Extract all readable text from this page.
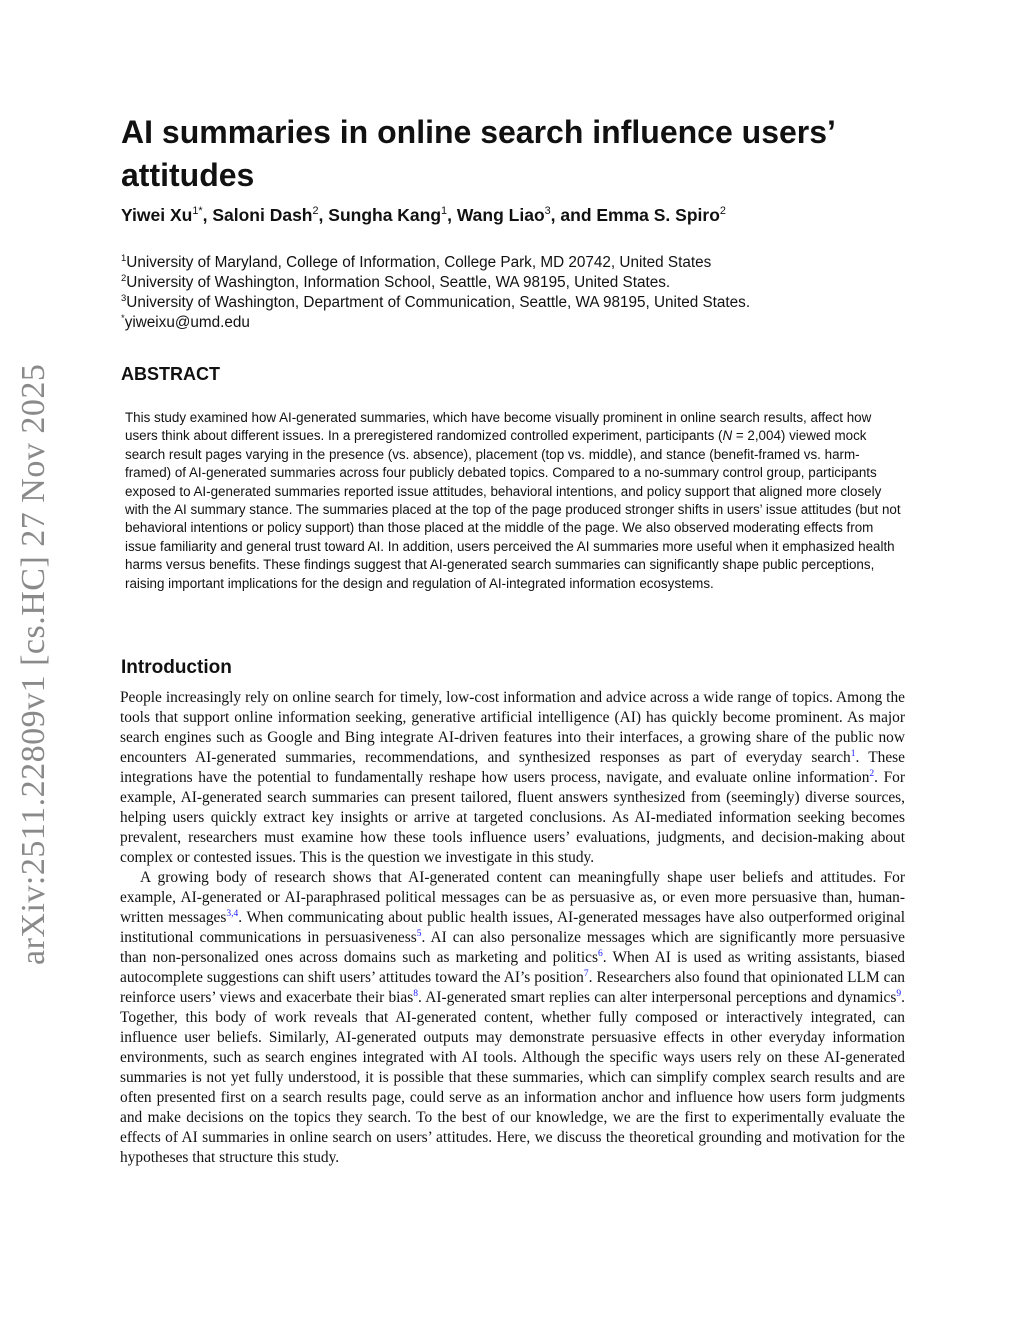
arXiv:2511.22809v1 [cs.HC] 27 Nov 2025
AI summaries in online search influence users’ attitudes
Yiwei $Xu^{1*}$, Saloni Dash$^2$, Sungha Kang$^1$, Wang Liao$^3$, and Emma S. Spiro$^2$
$^1$University of Maryland, College of Information, College Park, MD 20742, United States
$^2$University of Washington, Information School, Seattle, WA 98195, United States.
$^3$University of Washington, Department of Communication, Seattle, WA 98195, United States.
*yiweixu@umd.edu
ABSTRACT

This study examined how AI-generated summaries, which have become visually prominent in online search results, affect how users think about different issues. In a preregistered randomized controlled experiment, participants (N = 2,004) viewed mock search result pages varying in the presence (vs. absence), placement (top vs. middle), and stance (benefit-framed vs. harm-framed) of AI-generated summaries across four publicly debated topics. Compared to a no-summary control group, participants exposed to AI-generated summaries reported issue attitudes, behavioral intentions, and policy support that aligned more closely with the AI summary stance. The summaries placed at the top of the page produced stronger shifts in users’ issue attitudes (but not behavioral intentions or policy support) than those placed at the middle of the page. We also observed moderating effects from issue familiarity and general trust toward AI. In addition, users perceived the AI summaries more useful when it emphasized health harms versus benefits. These findings suggest that AI-generated search summaries can significantly shape public perceptions, raising important implications for the design and regulation of AI-integrated information ecosystems.

Introduction

People increasingly rely on online search for timely, low-cost information and advice across a wide range of topics. Among the tools that support online information seeking, generative artificial intelligence (AI) has quickly become prominent. As major search engines such as Google and Bing integrate AI-driven features into their interfaces, a growing share of the public now encounters AI-generated summaries, recommendations, and synthesized responses as part of everyday search$^1$. These integrations have the potential to fundamentally reshape how users process, navigate, and evaluate online information$^2$. For example, AI-generated search summaries can present tailored, fluent answers synthesized from (seemingly) diverse sources, helping users quickly extract key insights or arrive at targeted conclusions. As AI-mediated information seeking becomes prevalent, researchers must examine how these tools influence users’ evaluations, judgments, and decision-making about complex or contested issues. This is the question we investigate in this study.

A growing body of research shows that AI-generated content can meaningfully shape user beliefs and attitudes. For example, AI-generated or AI-paraphrased political messages can be as persuasive as, or even more persuasive than, human-written messages$^{3,4}$. When communicating about public health issues, AI-generated messages have also outperformed original institutional communications in persuasiveness$^5$. AI can also personalize messages which are significantly more persuasive than non-personalized ones across domains such as marketing and politics$^6$. When AI is used as writing assistants, biased autocomplete suggestions can shift users’ attitudes toward the AI’s position$^7$. Researchers also found that opinionated LLM can reinforce users’ views and exacerbate their bias$^8$. AI-generated smart replies can alter interpersonal perceptions and dynamics$^9$. Together, this body of work reveals that AI-generated content, whether fully composed or interactively integrated, can influence user beliefs. Similarly, AI-generated outputs may demonstrate persuasive effects in other everyday information environments, such as search engines integrated with AI tools. Although the specific ways users rely on these AI-generated summaries is not yet fully understood, it is possible that these summaries, which can simplify complex search results and are often presented first on a search results page, could serve as an information anchor and influence how users form judgments and make decisions on the topics they search. To the best of our knowledge, we are the first to experimentally evaluate the effects of AI summaries in online search on users’ attitudes. Here, we discuss the theoretical grounding and motivation for the hypotheses that structure this study.
